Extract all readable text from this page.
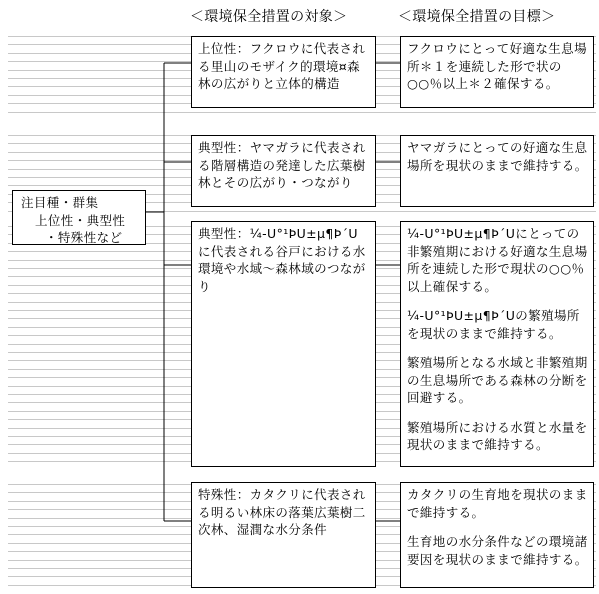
＜環境保全措置の対象＞	＜環境保全措置の目標＞
注目種・群集
上位性・典型性
・特殊性など

上位性：フクロウに代表される里山のモザイク的環境¤森林の広がりと立体的構造

フクロウにとって好適な生息場所＊１を連続した形で状の○○％以上＊２確保する。

典型性：ヤマガラに代表される階層構造の発達した広葉樹林とその広がり・つながり

ヤマガラにとっての好適な生息場所を現状のままで維持する。

典型性：¼-U°¹ÞU±µ¶Þ´Uに代表される谷戸における水環境や水域～森林域のつながり

¼-U°¹ÞU±µ¶Þ´Uにとっての非繁殖期における好適な生息場所を連続した形で現状の○○％以上確保する。

¼-U°¹ÞU±µ¶Þ´Uの繁殖場所を現状のままで維持する。

繁殖場所となる水域と非繁殖期の生息場所である森林の分断を回避する。

繁殖場所における水質と水量を現状のままで維持する。

特殊性：カタクリに代表される明るい林床の落葉広葉樹二次林、湿潤な水分条件

カタクリの生育地を現状のままで維持する。

生育地の水分条件などの環境諸要因を現状のままで維持する。
